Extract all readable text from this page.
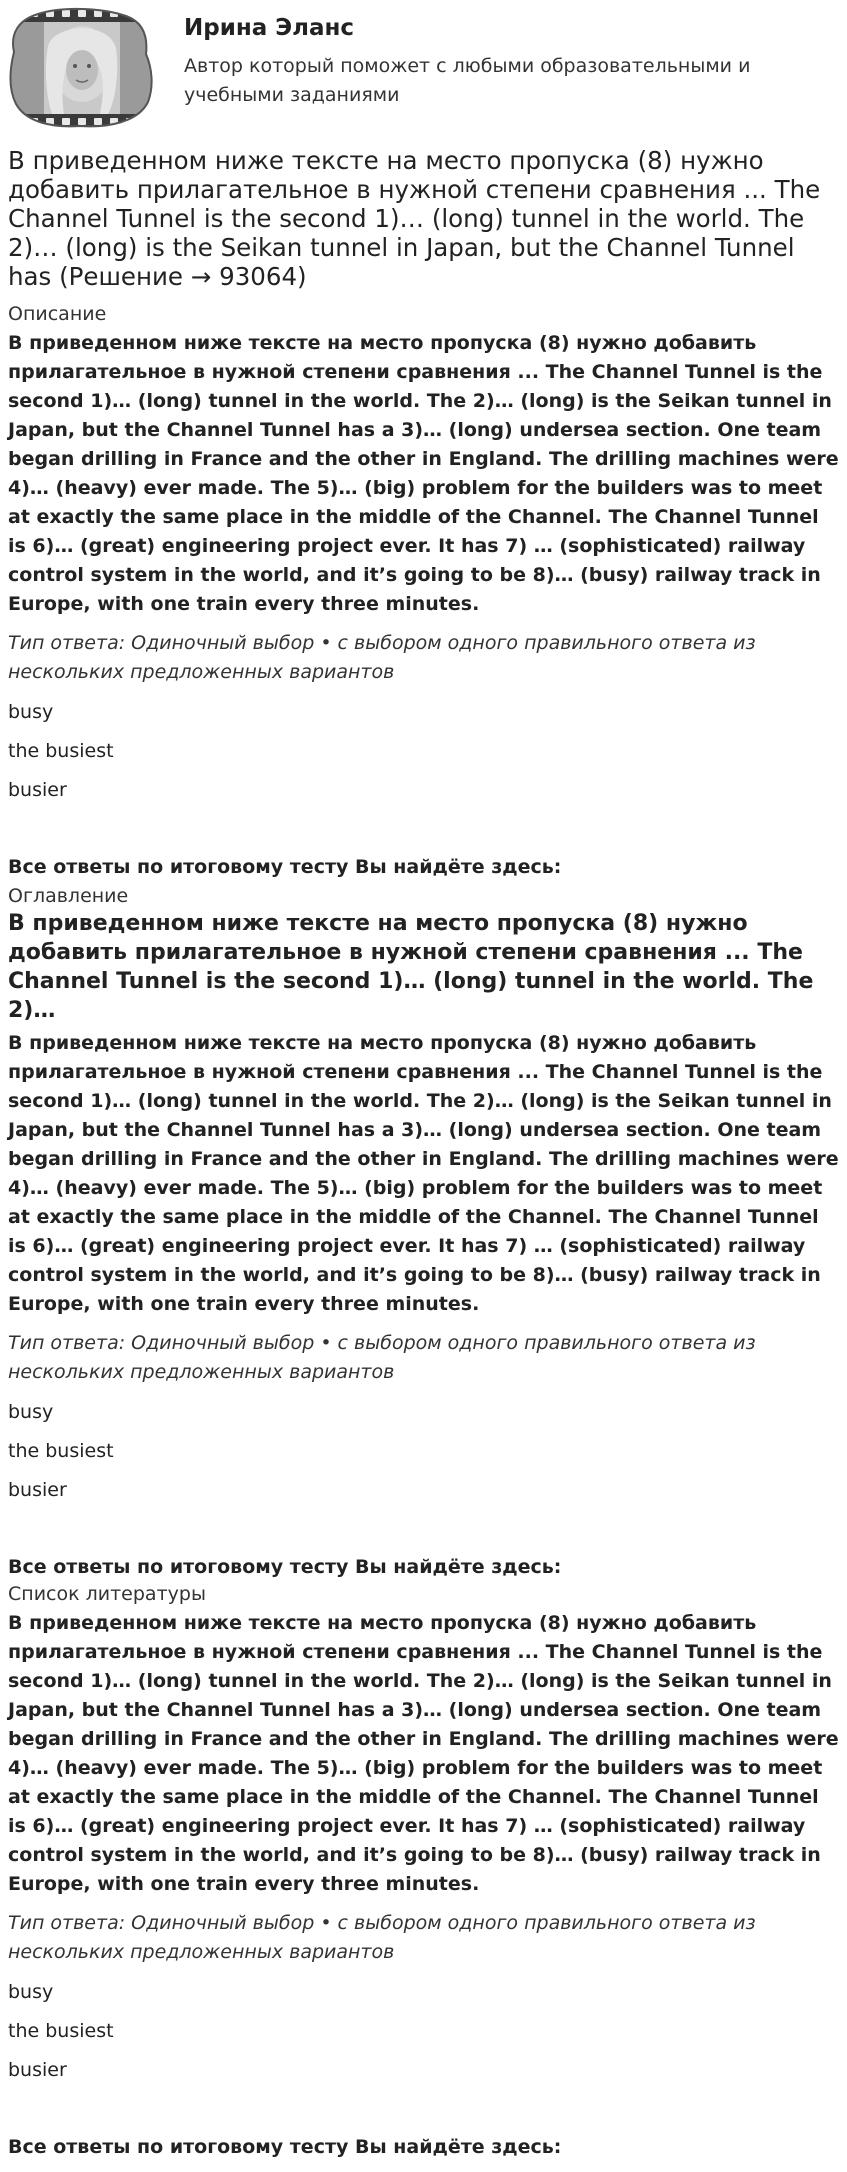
Ирина Эланс
Автор который поможет с любыми образовательными и учебными заданиями
В приведенном ниже тексте на место пропуска (8) нужно добавить прилагательное в нужной степени сравнения ... The Channel Tunnel is the second 1)… (long) tunnel in the world. The 2)… (long) is the Seikan tunnel in Japan, but the Channel Tunnel has (Решение → 93064)

Описание

В приведенном ниже тексте на место пропуска (8) нужно добавить прилагательное в нужной степени сравнения ... The Channel Tunnel is the second 1)… (long) tunnel in the world. The 2)… (long) is the Seikan tunnel in Japan, but the Channel Tunnel has a 3)… (long) undersea section. One team began drilling in France and the other in England. The drilling machines were 4)… (heavy) ever made. The 5)… (big) problem for the builders was to meet at exactly the same place in the middle of the Channel. The Channel Tunnel is 6)… (great) engineering project ever. It has 7) … (sophisticated) railway control system in the world, and it’s going to be 8)… (busy) railway track in Europe, with one train every three minutes.

Тип ответа: Одиночный выбор • с выбором одного правильного ответа из нескольких предложенных вариантов

busy

the busiest

busier

Все ответы по итоговому тесту Вы найдёте здесь:

Оглавление

В приведенном ниже тексте на место пропуска (8) нужно добавить прилагательное в нужной степени сравнения ... The Channel Tunnel is the second 1)… (long) tunnel in the world. The 2)…

В приведенном ниже тексте на место пропуска (8) нужно добавить прилагательное в нужной степени сравнения ... The Channel Tunnel is the second 1)… (long) tunnel in the world. The 2)… (long) is the Seikan tunnel in Japan, but the Channel Tunnel has a 3)… (long) undersea section. One team began drilling in France and the other in England. The drilling machines were 4)… (heavy) ever made. The 5)… (big) problem for the builders was to meet at exactly the same place in the middle of the Channel. The Channel Tunnel is 6)… (great) engineering project ever. It has 7) … (sophisticated) railway control system in the world, and it’s going to be 8)… (busy) railway track in Europe, with one train every three minutes.

Тип ответа: Одиночный выбор • с выбором одного правильного ответа из нескольких предложенных вариантов

busy

the busiest

busier

Все ответы по итоговому тесту Вы найдёте здесь:

Список литературы

В приведенном ниже тексте на место пропуска (8) нужно добавить прилагательное в нужной степени сравнения ... The Channel Tunnel is the second 1)… (long) tunnel in the world. The 2)… (long) is the Seikan tunnel in Japan, but the Channel Tunnel has a 3)… (long) undersea section. One team began drilling in France and the other in England. The drilling machines were 4)… (heavy) ever made. The 5)… (big) problem for the builders was to meet at exactly the same place in the middle of the Channel. The Channel Tunnel is 6)… (great) engineering project ever. It has 7) … (sophisticated) railway control system in the world, and it’s going to be 8)… (busy) railway track in Europe, with one train every three minutes.

Тип ответа: Одиночный выбор • с выбором одного правильного ответа из нескольких предложенных вариантов

busy

the busiest

busier

Все ответы по итоговому тесту Вы найдёте здесь:
